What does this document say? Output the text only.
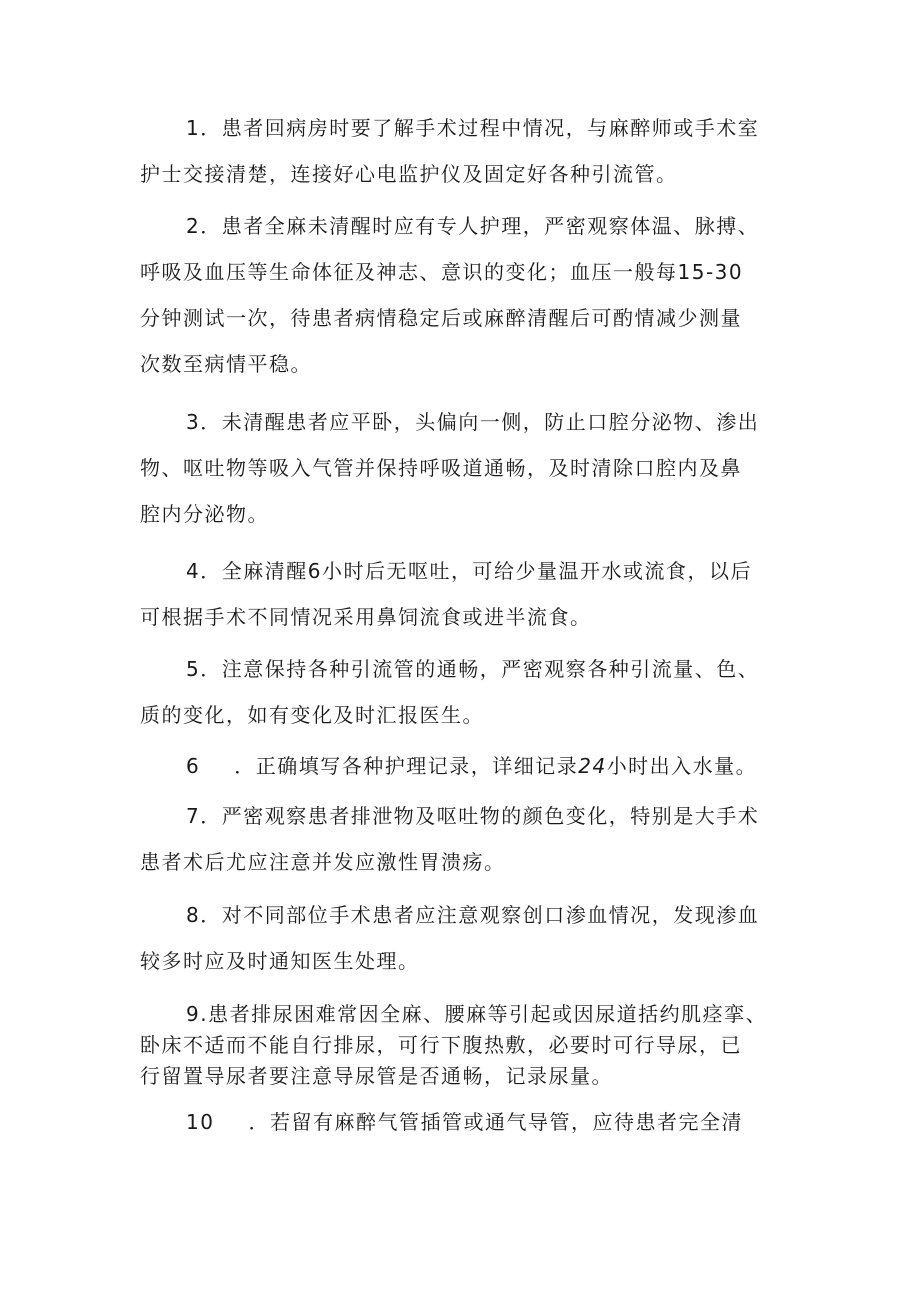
1．患者回病房时要了解手术过程中情况，与麻醉师或手术室
护士交接清楚，连接好心电监护仪及固定好各种引流管。
2．患者全麻未清醒时应有专人护理，严密观察体温、脉搏、
呼吸及血压等生命体征及神志、意识的变化；血压一般每15-30
分钟测试一次，待患者病情稳定后或麻醉清醒后可酌情减少测量
次数至病情平稳。
3．未清醒患者应平卧，头偏向一侧，防止口腔分泌物、渗出
物、呕吐物等吸入气管并保持呼吸道通畅，及时清除口腔内及鼻
腔内分泌物。
4．全麻清醒6小时后无呕吐，可给少量温开水或流食，以后
可根据手术不同情况采用鼻饲流食或进半流食。
5．注意保持各种引流管的通畅，严密观察各种引流量、色、
质的变化，如有变化及时汇报医生。
6 ．正确填写各种护理记录，详细记录24小时出入水量。
7．严密观察患者排泄物及呕吐物的颜色变化，特别是大手术
患者术后尤应注意并发应激性胃溃疡。
8．对不同部位手术患者应注意观察创口渗血情况，发现渗血
较多时应及时通知医生处理。
9.患者排尿困难常因全麻、腰麻等引起或因尿道括约肌痉挛、
卧床不适而不能自行排尿，可行下腹热敷，必要时可行导尿，已
行留置导尿者要注意导尿管是否通畅，记录尿量。
10 ．若留有麻醉气管插管或通气导管，应待患者完全清
